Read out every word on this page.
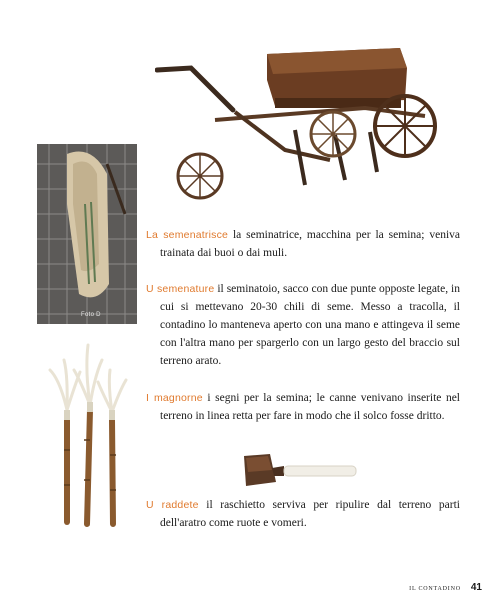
Foto D
La semenatrisce la seminatrice, macchina per la semina; veniva trainata dai buoi o dai muli.
U semenature il seminatoio, sacco con due punte opposte legate, in cui si mettevano 20-30 chili di seme. Messo a tracolla, il contadino lo manteneva aperto con una mano e attingeva il seme con l'altra mano per spargerlo con un largo gesto del braccio sul terreno arato.
I magnorne i segni per la semina; le canne venivano inserite nel terreno in linea retta per fare in modo che il solco fosse dritto.
U raddete il raschietto serviva per ripulire dal terreno parti dell'aratro come ruote e vomeri.
IL CONTADINO 41
